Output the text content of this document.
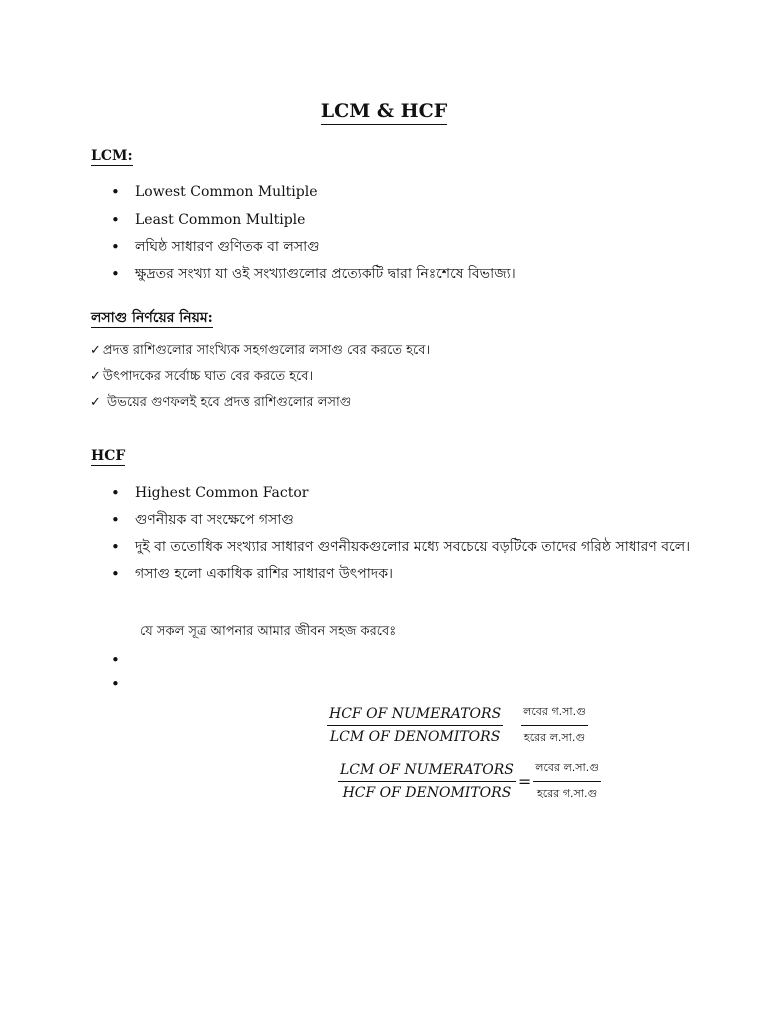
LCM & HCF
LCM:
• Lowest Common Multiple
• Least Common Multiple
• লঘিষ্ঠ সাধারণ গুণিতক বা লসাগু
• ক্ষুদ্রতর সংখ্যা যা ওই সংখ্যাগুলোর প্রত্যেকটি দ্বারা নিঃশেষে বিভাজ্য।
লসাগু নির্ণয়ের নিয়ম:
✓ প্রদত্ত রাশিগুলোর সাংখ্যিক সহগগুলোর লসাগু বের করতে হবে।
✓ উৎপাদকের সর্বোচ্চ ঘাত বের করতে হবে।
✓ উভয়ের গুণফলই হবে প্রদত্ত রাশিগুলোর লসাগু
HCF
• Highest Common Factor
• গুণনীয়ক বা সংক্ষেপে গসাগু
• দুই বা ততোধিক সংখ্যার সাধারণ গুণনীয়কগুলোর মধ্যে সবচেয়ে বড়টিকে তাদের গরিষ্ঠ সাধারণ বলে।
• গসাগু হলো একাধিক রাশির সাধারণ উৎপাদক।
যে সকল সূত্র আপনার আমার জীবন সহজ করবেঃ
•
•
$\frac{\text{HCF OF NUMERATORS}}{\text{LCM OF DENOMITORS}} \frac{\text{লবের গ.সা.গু}}{\text{হরের ল.সা.গু}}$
$\frac{\text{LCM OF NUMERATORS}}{\text{HCF OF DENOMITORS}} = \frac{\text{লবের ল.সা.গু}}{\text{হরের গ.সা.গু}}$
